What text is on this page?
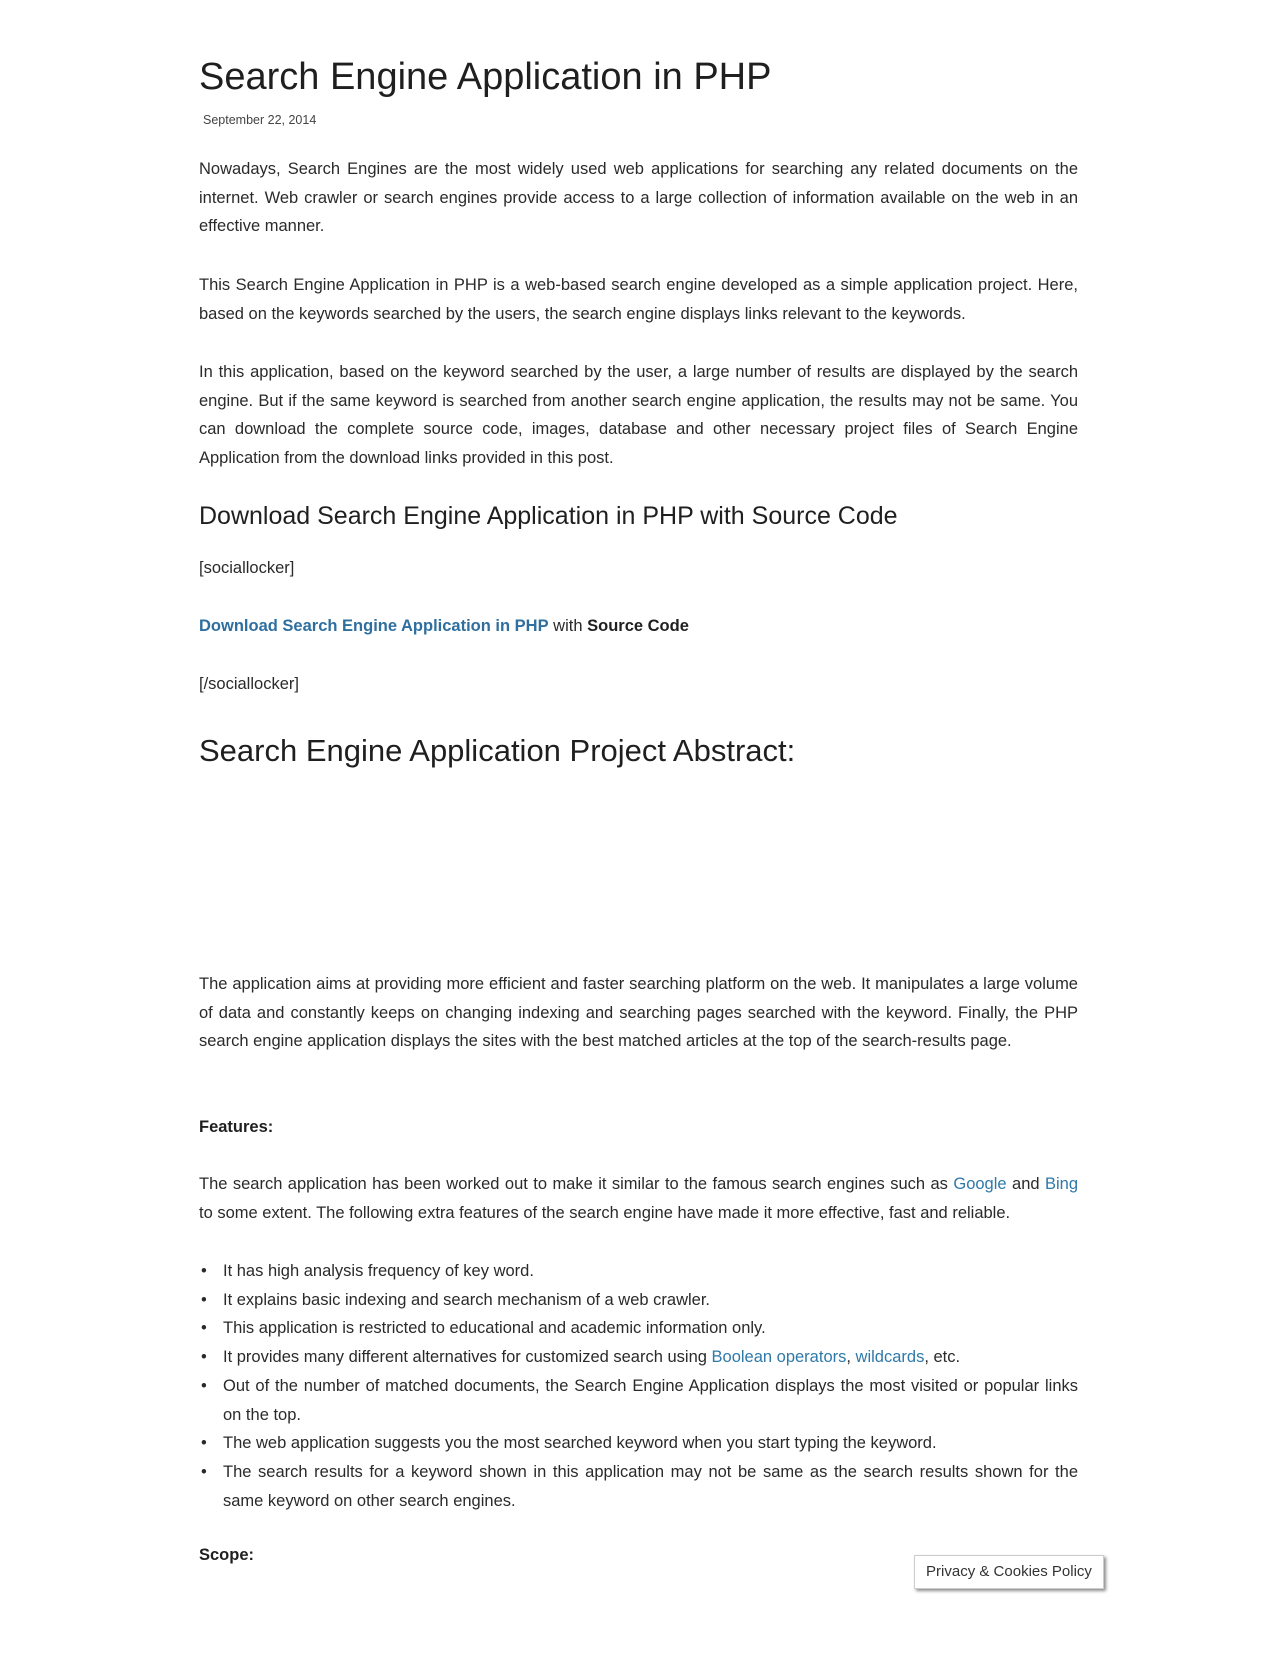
Search Engine Application in PHP
September 22, 2014

Nowadays, Search Engines are the most widely used web applications for searching any related documents on the internet. Web crawler or search engines provide access to a large collection of information available on the web in an effective manner.

This Search Engine Application in PHP is a web-based search engine developed as a simple application project. Here, based on the keywords searched by the users, the search engine displays links relevant to the keywords.

In this application, based on the keyword searched by the user, a large number of results are displayed by the search engine. But if the same keyword is searched from another search engine application, the results may not be same. You can download the complete source code, images, database and other necessary project files of Search Engine Application from the download links provided in this post.

Download Search Engine Application in PHP with Source Code

[sociallocker]

Download Search Engine Application in PHP with Source Code

[/sociallocker]

Search Engine Application Project Abstract:

The application aims at providing more efficient and faster searching platform on the web. It manipulates a large volume of data and constantly keeps on changing indexing and searching pages searched with the keyword. Finally, the PHP search engine application displays the sites with the best matched articles at the top of the search-results page.

Features:

The search application has been worked out to make it similar to the famous search engines such as Google and Bing to some extent. The following extra features of the search engine have made it more effective, fast and reliable.

• It has high analysis frequency of key word.
• It explains basic indexing and search mechanism of a web crawler.
• This application is restricted to educational and academic information only.
• It provides many different alternatives for customized search using Boolean operators, wildcards, etc.
• Out of the number of matched documents, the Search Engine Application displays the most visited or popular links on the top.
• The web application suggests you the most searched keyword when you start typing the keyword.
• The search results for a keyword shown in this application may not be same as the search results shown for the same keyword on other search engines.

Scope:

Privacy & Cookies Policy
